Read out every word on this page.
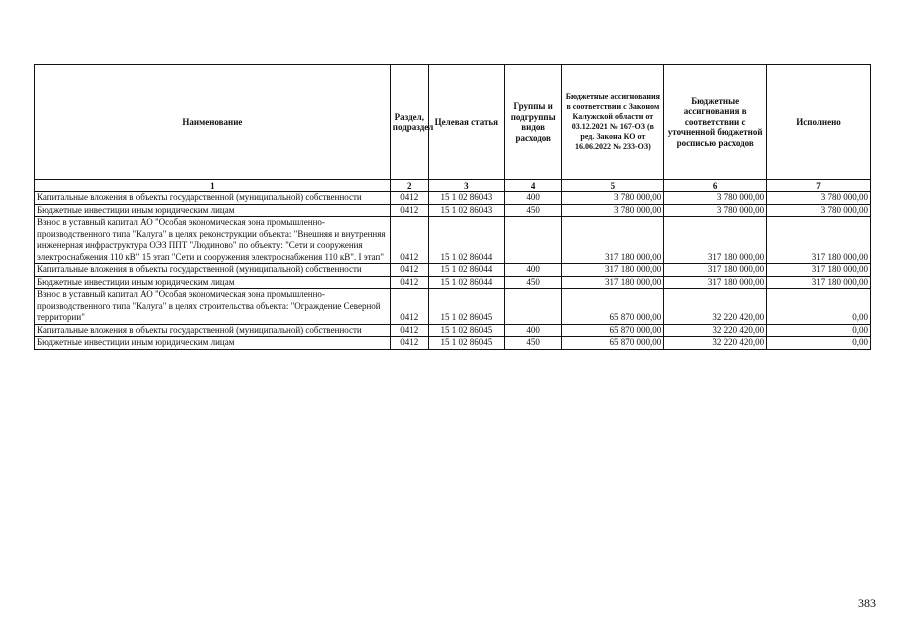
Наименование	Раздел, подраздел	Целевая статья	Группы и подгруппы видов расходов	Бюджетные ассигнования в соответствии с Законом Калужской области от 03.12.2021 № 167-ОЗ (в ред. Закона КО от 16.06.2022 № 233-ОЗ)	Бюджетные ассигнования в соответствии с уточненной бюджетной росписью расходов	Исполнено
1	2	3	4	5	6	7
Капитальные вложения в объекты государственной (муниципальной) собственности	0412	15 1 02 86043	400	3 780 000,00	3 780 000,00	3 780 000,00
Бюджетные инвестиции иным юридическим лицам	0412	15 1 02 86043	450	3 780 000,00	3 780 000,00	3 780 000,00
Взнос в уставный капитал АО "Особая экономическая зона промышленно-производственного типа "Калуга" в целях реконструкции объекта: "Внешняя и внутренняя инженерная инфраструктура ОЭЗ ППТ "Людиново" по объекту: "Сети и сооружения электроснабжения 110 кВ" 15 этап "Сети и сооружения электроснабжения 110 кВ". I этап"	0412	15 1 02 86044		317 180 000,00	317 180 000,00	317 180 000,00
Капитальные вложения в объекты государственной (муниципальной) собственности	0412	15 1 02 86044	400	317 180 000,00	317 180 000,00	317 180 000,00
Бюджетные инвестиции иным юридическим лицам	0412	15 1 02 86044	450	317 180 000,00	317 180 000,00	317 180 000,00
Взнос в уставный капитал АО "Особая экономическая зона промышленно-производственного типа "Калуга" в целях строительства объекта: "Ограждение Северной территории"	0412	15 1 02 86045		65 870 000,00	32 220 420,00	0,00
Капитальные вложения в объекты государственной (муниципальной) собственности	0412	15 1 02 86045	400	65 870 000,00	32 220 420,00	0,00
Бюджетные инвестиции иным юридическим лицам	0412	15 1 02 86045	450	65 870 000,00	32 220 420,00	0,00
383
